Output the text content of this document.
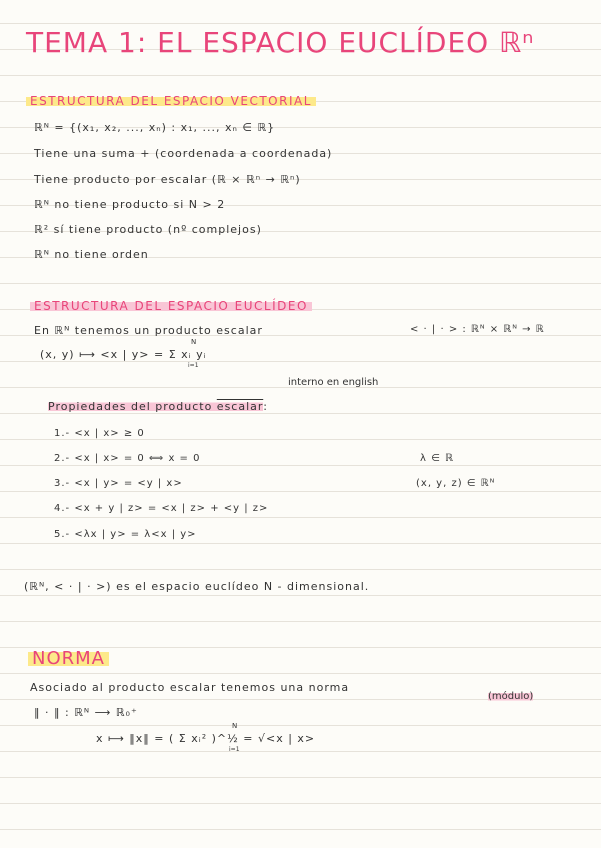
TEMA 1: EL ESPACIO EUCLÍDEO ℝⁿ
ESTRUCTURA DEL ESPACIO VECTORIAL
ℝᴺ = {(x₁, x₂, ..., xₙ) : x₁, ..., xₙ ∈ ℝ}
Tiene una suma + (coordenada a coordenada)
Tiene producto por escalar (ℝ × ℝⁿ → ℝⁿ)
ℝᴺ no tiene producto si N > 2
ℝ² sí tiene producto (nº complejos)
ℝᴺ no tiene orden
ESTRUCTURA DEL ESPACIO EUCLÍDEO
En ℝᴺ tenemos un producto escalar	< · | · > : ℝᴺ × ℝᴺ → ℝ
(x, y) ⟼ <x | y> = Σ xᵢ yᵢ
N
i=1
interno en english
Propiedades del producto escalar:
1.- <x | x> ≥ 0
2.- <x | x> = 0 ⟺ x = 0
3.- <x | y> = <y | x>
4.- <x + y | z> = <x | z> + <y | z>
5.- <λx | y> = λ<x | y>
λ ∈ ℝ
(x, y, z) ∈ ℝᴺ
(ℝᴺ, < · | · >) es el espacio euclídeo N - dimensional.
NORMA
Asociado al producto escalar tenemos una norma
(módulo)
‖ · ‖ : ℝᴺ ⟶ ℝ₀⁺
x ⟼ ‖x‖ = ( Σ xᵢ² )^½ = √<x | x>
N
i=1
